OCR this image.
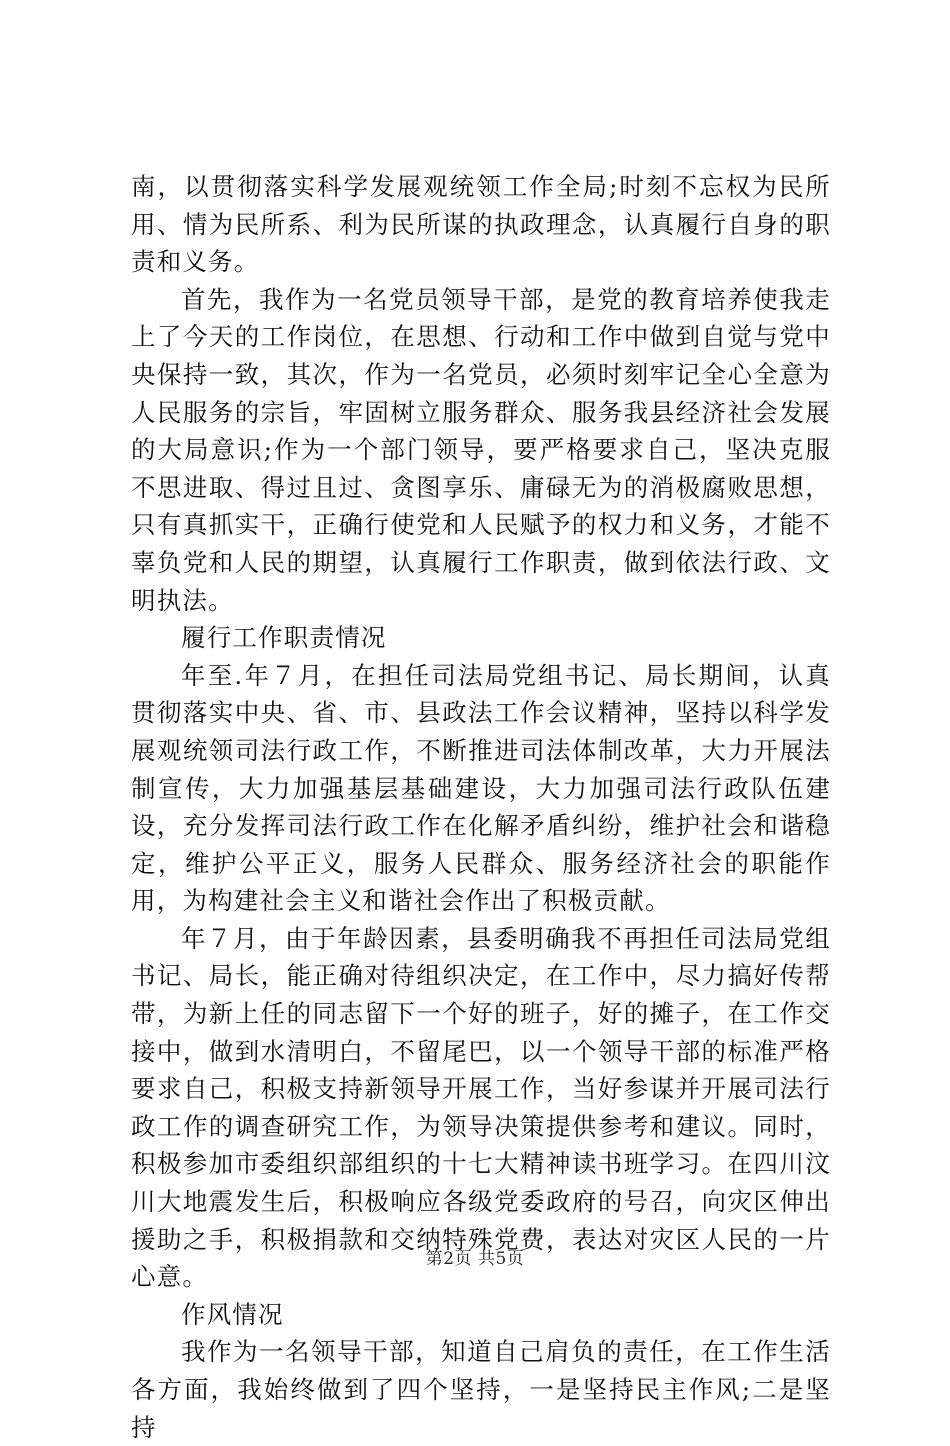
南，以贯彻落实科学发展观统领工作全局;时刻不忘权为民所用、情为民所系、利为民所谋的执政理念，认真履行自身的职责和义务。

首先，我作为一名党员领导干部，是党的教育培养使我走上了今天的工作岗位，在思想、行动和工作中做到自觉与党中央保持一致，其次，作为一名党员，必须时刻牢记全心全意为人民服务的宗旨，牢固树立服务群众、服务我县经济社会发展的大局意识;作为一个部门领导，要严格要求自己，坚决克服不思进取、得过且过、贪图享乐、庸碌无为的消极腐败思想，只有真抓实干，正确行使党和人民赋予的权力和义务，才能不辜负党和人民的期望，认真履行工作职责，做到依法行政、文明执法。

履行工作职责情况

年至.年７月，在担任司法局党组书记、局长期间，认真贯彻落实中央、省、市、县政法工作会议精神，坚持以科学发展观统领司法行政工作，不断推进司法体制改革，大力开展法制宣传，大力加强基层基础建设，大力加强司法行政队伍建设，充分发挥司法行政工作在化解矛盾纠纷，维护社会和谐稳定，维护公平正义，服务人民群众、服务经济社会的职能作用，为构建社会主义和谐社会作出了积极贡献。

年７月，由于年龄因素，县委明确我不再担任司法局党组书记、局长，能正确对待组织决定，在工作中，尽力搞好传帮带，为新上任的同志留下一个好的班子，好的摊子，在工作交接中，做到水清明白，不留尾巴，以一个领导干部的标准严格要求自己，积极支持新领导开展工作，当好参谋并开展司法行政工作的调查研究工作，为领导决策提供参考和建议。同时，积极参加市委组织部组织的十七大精神读书班学习。在四川汶川大地震发生后，积极响应各级党委政府的号召，向灾区伸出援助之手，积极捐款和交纳特殊党费，表达对灾区人民的一片心意。

作风情况

我作为一名领导干部，知道自己肩负的责任，在工作生活各方面，我始终做到了四个坚持，一是坚持民主作风;二是坚持

第2页 共5页
